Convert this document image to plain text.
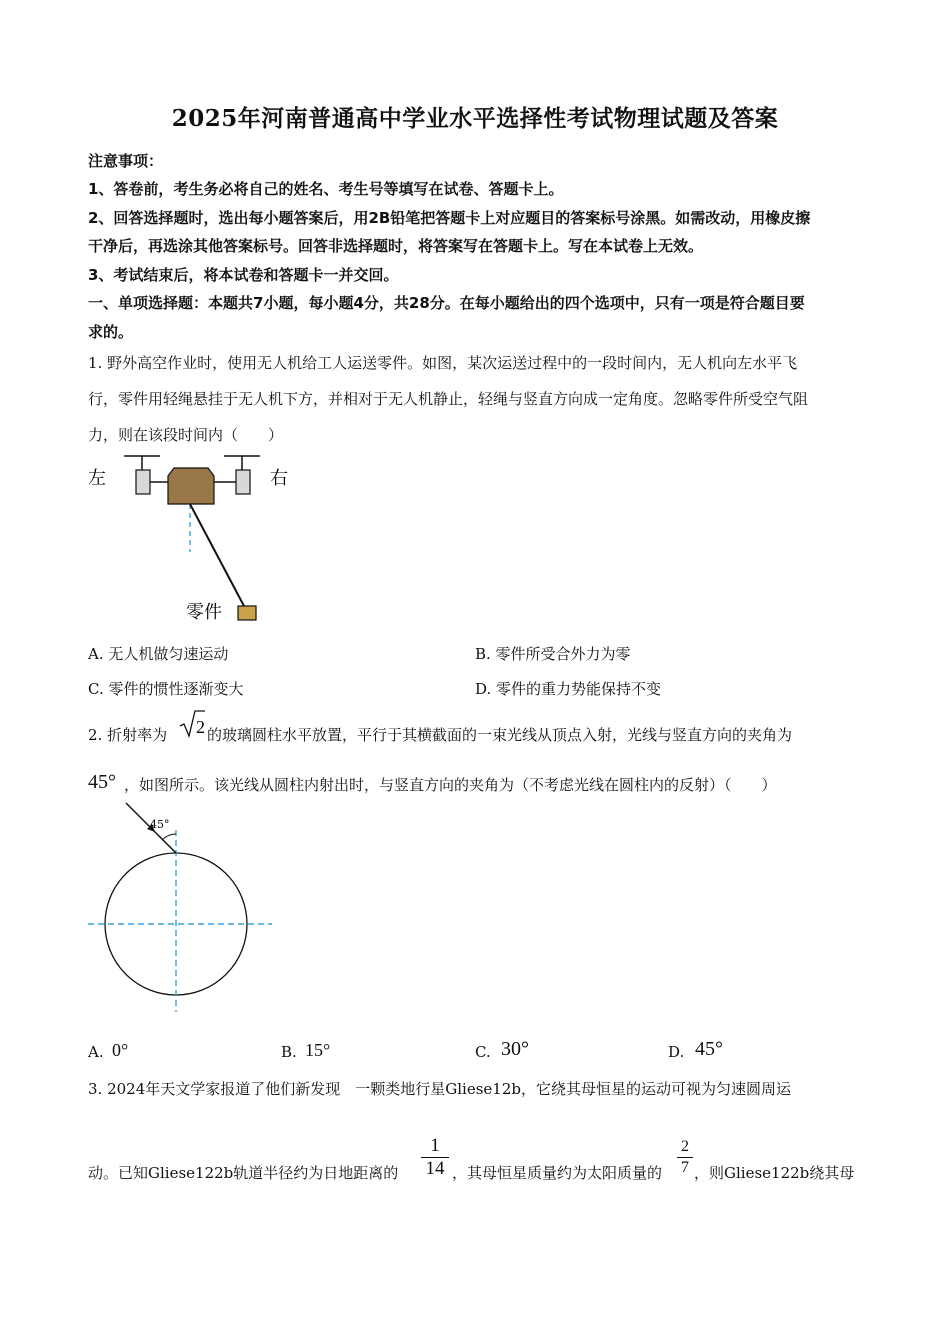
2025年河南普通高中学业水平选择性考试物理试题及答案
注意事项：
1、答卷前，考生务必将自己的姓名、考生号等填写在试卷、答题卡上。
2、回答选择题时，选出每小题答案后，用2B铅笔把答题卡上对应题目的答案标号涂黑。如需改动，用橡皮擦
干净后，再选涂其他答案标号。回答非选择题时，将答案写在答题卡上。写在本试卷上无效。
3、考试结束后，将本试卷和答题卡一并交回。
一、单项选择题：本题共7小题，每小题4分，共28分。在每小题给出的四个选项中，只有一项是符合题目要
求的。
1. 野外高空作业时，使用无人机给工人运送零件。如图，某次运送过程中的一段时间内，无人机向左水平飞
行，零件用轻绳悬挂于无人机下方，并相对于无人机静止，轻绳与竖直方向成一定角度。忽略零件所受空气阻
力，则在该段时间内（　　）
左	右
零件
A. 无人机做匀速运动	B. 零件所受合外力为零
C. 零件的惯性逐渐变大	D. 零件的重力势能保持不变
2. 折射率为 2 的玻璃圆柱水平放置，平行于其横截面的一束光线从顶点入射，光线与竖直方向的夹角为
45° ，如图所示。该光线从圆柱内射出时，与竖直方向的夹角为（不考虑光线在圆柱内的反射）（　　）
45°
A. 0°	B. 15°	C. 30°	D. 45°
3. 2024年天文学家报道了他们新发现　一颗类地行星Gliese12b，它绕其母恒星的运动可视为匀速圆周运
动。已知Gliese122b轨道半径约为日地距离的
1
14 ，其母恒星质量约为太阳质量的
2
7 ，则Gliese122b绕其母
